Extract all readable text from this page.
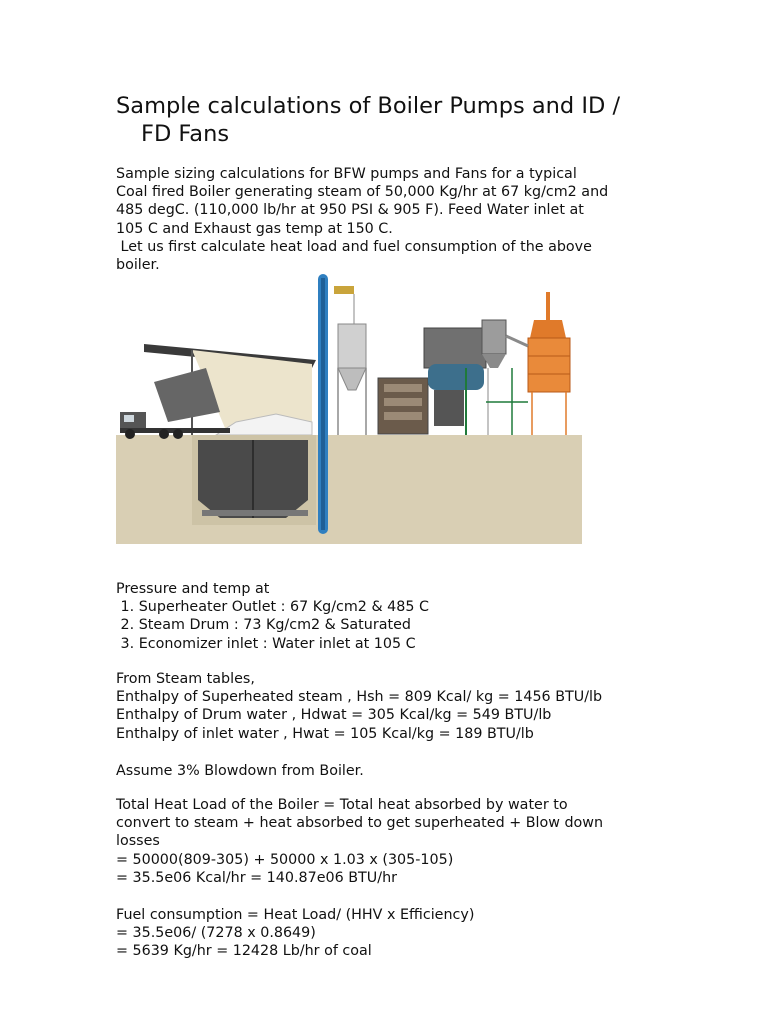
Sample calculations of Boiler Pumps and ID /
FD Fans
Sample sizing calculations for BFW pumps and Fans for a typical
Coal fired Boiler generating steam of 50,000 Kg/hr at 67 kg/cm2 and
485 degC. (110,000 lb/hr at 950 PSI & 905 F). Feed Water inlet at
105 C and Exhaust gas temp at 150 C.
Let us first calculate heat load and fuel consumption of the above
boiler.
Pressure and temp at
1. Superheater Outlet : 67 Kg/cm2 & 485 C
2. Steam Drum : 73 Kg/cm2 & Saturated
3. Economizer inlet : Water inlet at 105 C
From Steam tables,
Enthalpy of Superheated steam , Hsh = 809 Kcal/ kg = 1456 BTU/lb
Enthalpy of Drum water , Hdwat = 305 Kcal/kg = 549 BTU/lb
Enthalpy of inlet water , Hwat = 105 Kcal/kg = 189 BTU/lb
Assume 3% Blowdown from Boiler.
Total Heat Load of the Boiler = Total heat absorbed by water to
convert to steam + heat absorbed to get superheated + Blow down
losses
= 50000(809-305) + 50000 x 1.03 x (305-105)
= 35.5e06 Kcal/hr = 140.87e06 BTU/hr
Fuel consumption = Heat Load/ (HHV x Efficiency)
= 35.5e06/ (7278 x 0.8649)
= 5639 Kg/hr = 12428 Lb/hr of coal
